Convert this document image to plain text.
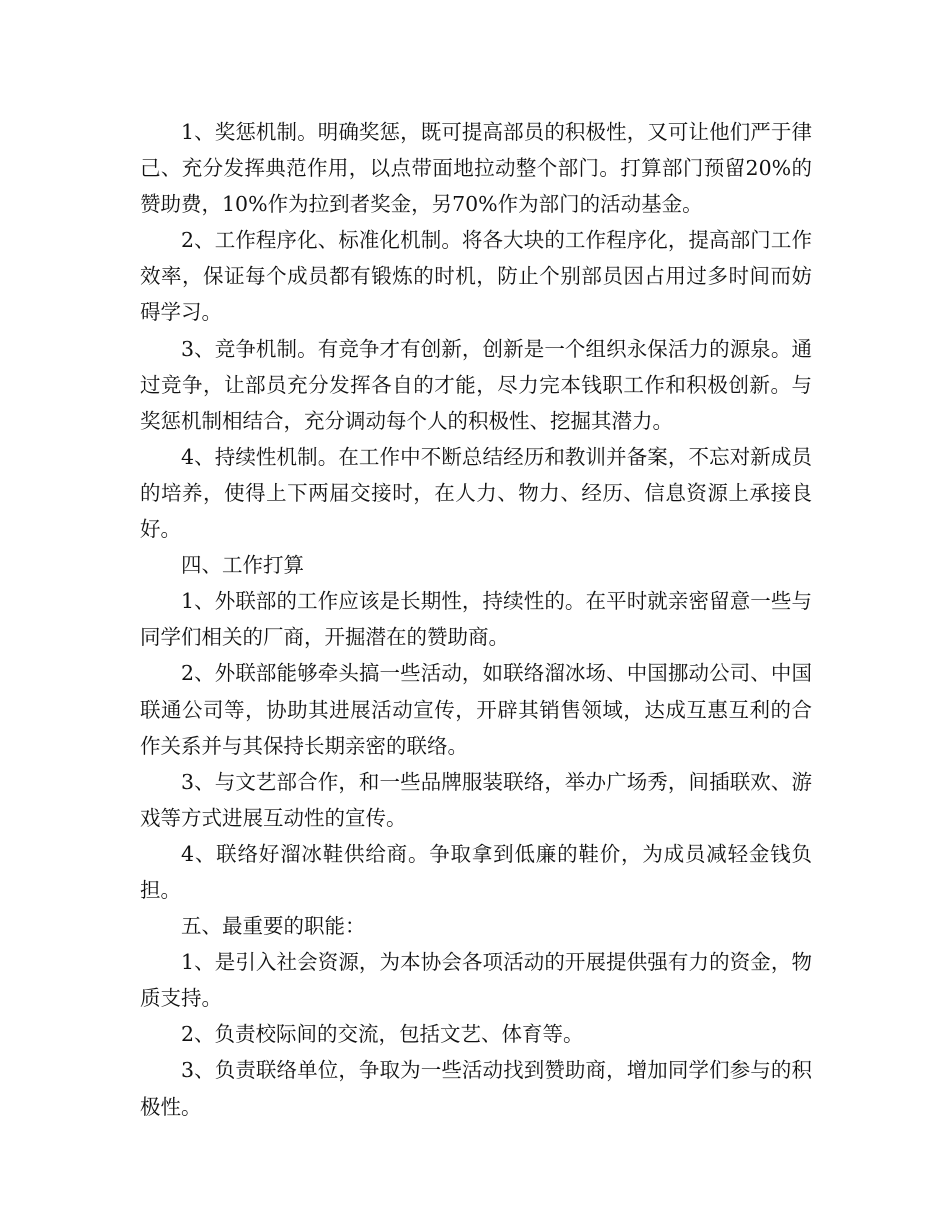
1、奖惩机制。明确奖惩，既可提高部员的积极性，又可让他们严于律己、充分发挥典范作用，以点带面地拉动整个部门。打算部门预留20%的赞助费，10%作为拉到者奖金，另70%作为部门的活动基金。

2、工作程序化、标准化机制。将各大块的工作程序化，提高部门工作效率，保证每个成员都有锻炼的时机，防止个别部员因占用过多时间而妨碍学习。

3、竞争机制。有竞争才有创新，创新是一个组织永保活力的源泉。通过竞争，让部员充分发挥各自的才能，尽力完本钱职工作和积极创新。与奖惩机制相结合，充分调动每个人的积极性、挖掘其潜力。

4、持续性机制。在工作中不断总结经历和教训并备案，不忘对新成员的培养，使得上下两届交接时，在人力、物力、经历、信息资源上承接良好。

四、工作打算

1、外联部的工作应该是长期性，持续性的。在平时就亲密留意一些与同学们相关的厂商，开掘潜在的赞助商。

2、外联部能够牵头搞一些活动，如联络溜冰场、中国挪动公司、中国联通公司等，协助其进展活动宣传，开辟其销售领域，达成互惠互利的合作关系并与其保持长期亲密的联络。

3、与文艺部合作，和一些品牌服装联络，举办广场秀，间插联欢、游戏等方式进展互动性的宣传。

4、联络好溜冰鞋供给商。争取拿到低廉的鞋价，为成员减轻金钱负担。

五、最重要的职能：

1、是引入社会资源，为本协会各项活动的开展提供强有力的资金，物质支持。

2、负责校际间的交流，包括文艺、体育等。

3、负责联络单位，争取为一些活动找到赞助商，增加同学们参与的积极性。
